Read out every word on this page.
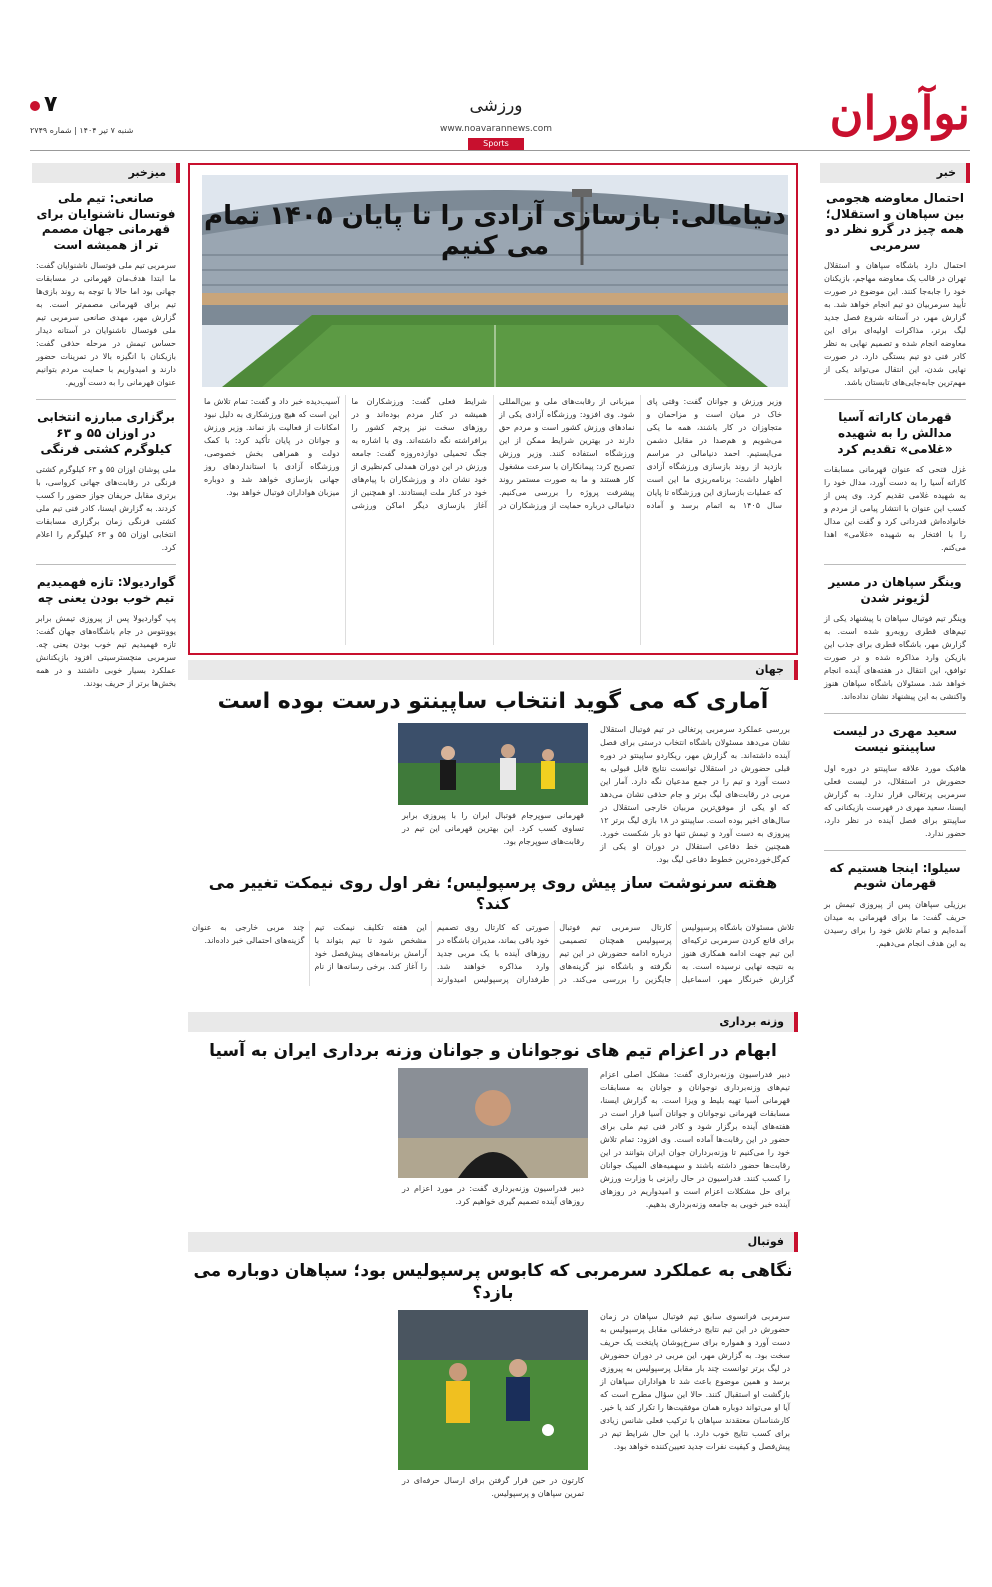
نوآوران
ورزشی
www.noavarannews.com
Sports
۷
شنبه ۷ تیر ۱۴۰۴ | شماره ۲۷۴۹
خبر
احتمال معاوضه هجومی بین سپاهان و استقلال؛ همه چیز در گرو نظر دو سرمربی
احتمال دارد باشگاه سپاهان و استقلال تهران در قالب یک معاوضه مهاجم، بازیکنان خود را جابه‌جا کنند. این موضوع در صورت تأیید سرمربیان دو تیم انجام خواهد شد. به گزارش مهر، در آستانه شروع فصل جدید لیگ برتر، مذاکرات اولیه‌ای برای این معاوضه انجام شده و تصمیم نهایی به نظر کادر فنی دو تیم بستگی دارد. در صورت نهایی شدن، این انتقال می‌تواند یکی از مهم‌ترین جابه‌جایی‌های تابستان باشد.
قهرمان کاراته آسیا مدالش را به شهیده «غلامی» تقدیم کرد
غزل فتحی که عنوان قهرمانی مسابقات کاراته آسیا را به دست آورد، مدال خود را به شهیده غلامی تقدیم کرد. وی پس از کسب این عنوان با انتشار پیامی از مردم و خانواده‌اش قدردانی کرد و گفت این مدال را با افتخار به شهیده «غلامی» اهدا می‌کنم.
وینگر سپاهان در مسیر لژیونر شدن
وینگر تیم فوتبال سپاهان با پیشنهاد یکی از تیم‌های قطری روبه‌رو شده است. به گزارش مهر، باشگاه قطری برای جذب این بازیکن وارد مذاکره شده و در صورت توافق، این انتقال در هفته‌های آینده انجام خواهد شد. مسئولان باشگاه سپاهان هنوز واکنشی به این پیشنهاد نشان نداده‌اند.
سعید مهری در لیست ساپینتو نیست
هافبک مورد علاقه ساپینتو در دوره اول حضورش در استقلال، در لیست فعلی سرمربی پرتغالی قرار ندارد. به گزارش ایسنا، سعید مهری در فهرست بازیکنانی که ساپینتو برای فصل آینده در نظر دارد، حضور ندارد.
سیلوا: اینجا هستیم که قهرمان شویم
برزیلی سپاهان پس از پیروزی تیمش بر حریف گفت: ما برای قهرمانی به میدان آمده‌ایم و تمام تلاش خود را برای رسیدن به این هدف انجام می‌دهیم.
میزخبر
صانعی: تیم ملی فوتسال ناشنوایان برای قهرمانی جهان مصمم تر از همیشه است
سرمربی تیم ملی فوتسال ناشنوایان گفت: ما ابتدا هدف‌مان قهرمانی در مسابقات جهانی بود اما حالا با توجه به روند بازی‌ها تیم برای قهرمانی مصمم‌تر است. به گزارش مهر، مهدی صانعی سرمربی تیم ملی فوتسال ناشنوایان در آستانه دیدار حساس تیمش در مرحله حذفی گفت: بازیکنان با انگیزه بالا در تمرینات حضور دارند و امیدواریم با حمایت مردم بتوانیم عنوان قهرمانی را به دست آوریم.
برگزاری مبارزه انتخابی در اوزان ۵۵ و ۶۳ کیلوگرم کشتی فرنگی
ملی پوشان اوزان ۵۵ و ۶۳ کیلوگرم کشتی فرنگی در رقابت‌های جهانی کرواسی، با برتری مقابل حریفان جواز حضور را کسب کردند. به گزارش ایسنا، کادر فنی تیم ملی کشتی فرنگی زمان برگزاری مسابقات انتخابی اوزان ۵۵ و ۶۳ کیلوگرم را اعلام کرد.
گواردیولا: تازه فهمیدیم تیم خوب بودن یعنی چه
پپ گواردیولا پس از پیروزی تیمش برابر یوونتوس در جام باشگاه‌های جهان گفت: تازه فهمیدیم تیم خوب بودن یعنی چه. سرمربی منچسترسیتی افزود بازیکنانش عملکرد بسیار خوبی داشتند و در همه بخش‌ها برتر از حریف بودند.
دنیامالی: بازسازی آزادی را تا پایان ۱۴۰۵ تمام می کنیم
وزیر ورزش و جوانان گفت: وقتی پای خاک در میان است و مزاحمان و متجاوزان در کار باشند، همه ما یکی می‌شویم و هم‌صدا در مقابل دشمن می‌ایستیم. احمد دنیامالی در مراسم بازدید از روند بازسازی ورزشگاه آزادی اظهار داشت: برنامه‌ریزی ما این است که عملیات بازسازی این ورزشگاه تا پایان سال ۱۴۰۵ به اتمام برسد و آماده میزبانی از رقابت‌های ملی و بین‌المللی شود. وی افزود: ورزشگاه آزادی یکی از نمادهای ورزش کشور است و مردم حق دارند در بهترین شرایط ممکن از این ورزشگاه استفاده کنند. وزیر ورزش تصریح کرد: پیمانکاران با سرعت مشغول کار هستند و ما به صورت مستمر روند پیشرفت پروژه را بررسی می‌کنیم. دنیامالی درباره حمایت از ورزشکاران در شرایط فعلی گفت: ورزشکاران ما همیشه در کنار مردم بوده‌اند و در روزهای سخت نیز پرچم کشور را برافراشته نگه داشته‌اند. وی با اشاره به جنگ تحمیلی دوازده‌روزه گفت: جامعه ورزش در این دوران همدلی کم‌نظیری از خود نشان داد و ورزشکاران با پیام‌های خود در کنار ملت ایستادند. او همچنین از آغاز بازسازی دیگر اماکن ورزشی آسیب‌دیده خبر داد و گفت: تمام تلاش ما این است که هیچ ورزشکاری به دلیل نبود امکانات از فعالیت باز نماند. وزیر ورزش و جوانان در پایان تأکید کرد: با کمک دولت و همراهی بخش خصوصی، ورزشگاه آزادی با استانداردهای روز جهانی بازسازی خواهد شد و دوباره میزبان هواداران فوتبال خواهد بود.
جهان
آماری که می گوید انتخاب ساپینتو درست بوده است
بررسی عملکرد سرمربی پرتغالی در تیم فوتبال استقلال نشان می‌دهد مسئولان باشگاه انتخاب درستی برای فصل آینده داشته‌اند. به گزارش مهر، ریکاردو ساپینتو در دوره قبلی حضورش در استقلال توانست نتایج قابل قبولی به دست آورد و تیم را در جمع مدعیان نگه دارد. آمار این مربی در رقابت‌های لیگ برتر و جام حذفی نشان می‌دهد که او یکی از موفق‌ترین مربیان خارجی استقلال در سال‌های اخیر بوده است. ساپینتو در ۱۸ بازی لیگ برتر ۱۲ پیروزی به دست آورد و تیمش تنها دو بار شکست خورد. همچنین خط دفاعی استقلال در دوران او یکی از کم‌گل‌خورده‌ترین خطوط دفاعی لیگ بود.
قهرمانی سوپرجام فوتبال ایران را با پیروزی برابر تساوی کسب کرد. این بهترین قهرمانی این تیم در رقابت‌های سوپرجام بود.
هفته سرنوشت ساز پیش روی پرسپولیس؛ نفر اول روی نیمکت تغییر می کند؟
تلاش مسئولان باشگاه پرسپولیس برای قانع کردن سرمربی ترکیه‌ای این تیم جهت ادامه همکاری هنوز به نتیجه نهایی نرسیده است. به گزارش خبرنگار مهر، اسماعیل کارتال سرمربی تیم فوتبال پرسپولیس همچنان تصمیمی درباره ادامه حضورش در این تیم نگرفته و باشگاه نیز گزینه‌های جایگزین را بررسی می‌کند. در صورتی که کارتال روی تصمیم خود باقی بماند، مدیران باشگاه در روزهای آینده با یک مربی جدید وارد مذاکره خواهند شد. طرفداران پرسپولیس امیدوارند این هفته تکلیف نیمکت تیم مشخص شود تا تیم بتواند با آرامش برنامه‌های پیش‌فصل خود را آغاز کند. برخی رسانه‌ها از نام چند مربی خارجی به عنوان گزینه‌های احتمالی خبر داده‌اند.
وزنه برداری
ابهام در اعزام تیم های نوجوانان و جوانان وزنه برداری ایران به آسیا
دبیر فدراسیون وزنه‌برداری گفت: مشکل اصلی اعزام تیم‌های وزنه‌برداری نوجوانان و جوانان به مسابقات قهرمانی آسیا تهیه بلیط و ویزا است. به گزارش ایسنا، مسابقات قهرمانی نوجوانان و جوانان آسیا قرار است در هفته‌های آینده برگزار شود و کادر فنی تیم ملی برای حضور در این رقابت‌ها آماده است. وی افزود: تمام تلاش خود را می‌کنیم تا وزنه‌برداران جوان ایران بتوانند در این رقابت‌ها حضور داشته باشند و سهمیه‌های المپیک جوانان را کسب کنند. فدراسیون در حال رایزنی با وزارت ورزش برای حل مشکلات اعزام است و امیدواریم در روزهای آینده خبر خوبی به جامعه وزنه‌برداری بدهیم.
دبیر فدراسیون وزنه‌برداری گفت: در مورد اعزام در روزهای آینده تصمیم گیری خواهیم کرد.
فوتبال
نگاهی به عملکرد سرمربی که کابوس پرسپولیس بود؛ سپاهان دوباره می بازد؟
سرمربی فرانسوی سابق تیم فوتبال سپاهان در زمان حضورش در این تیم نتایج درخشانی مقابل پرسپولیس به دست آورد و همواره برای سرخ‌پوشان پایتخت یک حریف سخت بود. به گزارش مهر، این مربی در دوران حضورش در لیگ برتر توانست چند بار مقابل پرسپولیس به پیروزی برسد و همین موضوع باعث شد تا هواداران سپاهان از بازگشت او استقبال کنند. حالا این سؤال مطرح است که آیا او می‌تواند دوباره همان موفقیت‌ها را تکرار کند یا خیر. کارشناسان معتقدند سپاهان با ترکیب فعلی شانس زیادی برای کسب نتایج خوب دارد. با این حال شرایط تیم در پیش‌فصل و کیفیت نفرات جدید تعیین‌کننده خواهد بود.
کارتون در حین قرار گرفتن برای ارسال حرفه‌ای در تمرین سپاهان و پرسپولیس.
